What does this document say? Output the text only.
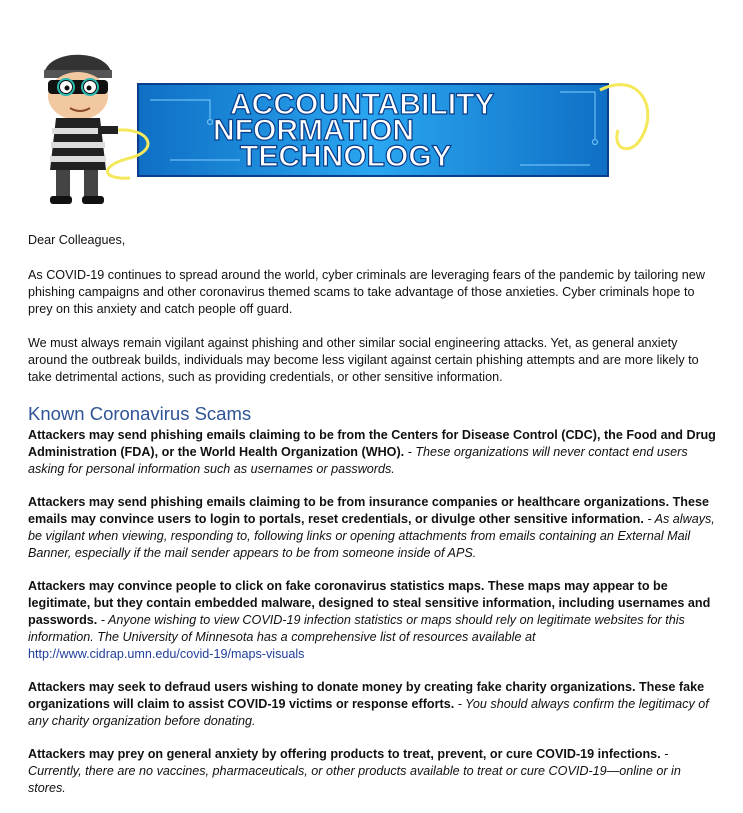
ACCOUNTABILITY
NFORMATION
TECHNOLOGY

Dear Colleagues,

As COVID-19 continues to spread around the world, cyber criminals are leveraging fears of the pandemic by tailoring new phishing campaigns and other coronavirus themed scams to take advantage of those anxieties. Cyber criminals hope to prey on this anxiety and catch people off guard.

We must always remain vigilant against phishing and other similar social engineering attacks. Yet, as general anxiety around the outbreak builds, individuals may become less vigilant against certain phishing attempts and are more likely to take detrimental actions, such as providing credentials, or other sensitive information.

Known Coronavirus Scams

Attackers may send phishing emails claiming to be from the Centers for Disease Control (CDC), the Food and Drug Administration (FDA), or the World Health Organization (WHO). - These organizations will never contact end users asking for personal information such as usernames or passwords.

Attackers may send phishing emails claiming to be from insurance companies or healthcare organizations. These emails may convince users to login to portals, reset credentials, or divulge other sensitive information. - As always, be vigilant when viewing, responding to, following links or opening attachments from emails containing an External Mail Banner, especially if the mail sender appears to be from someone inside of APS.

Attackers may convince people to click on fake coronavirus statistics maps. These maps may appear to be legitimate, but they contain embedded malware, designed to steal sensitive information, including usernames and passwords. - Anyone wishing to view COVID-19 infection statistics or maps should rely on legitimate websites for this information. The University of Minnesota has a comprehensive list of resources available at
http://www.cidrap.umn.edu/covid-19/maps-visuals

Attackers may seek to defraud users wishing to donate money by creating fake charity organizations. These fake organizations will claim to assist COVID-19 victims or response efforts. - You should always confirm the legitimacy of any charity organization before donating.

Attackers may prey on general anxiety by offering products to treat, prevent, or cure COVID-19 infections. - Currently, there are no vaccines, pharmaceuticals, or other products available to treat or cure COVID-19—online or in stores.
